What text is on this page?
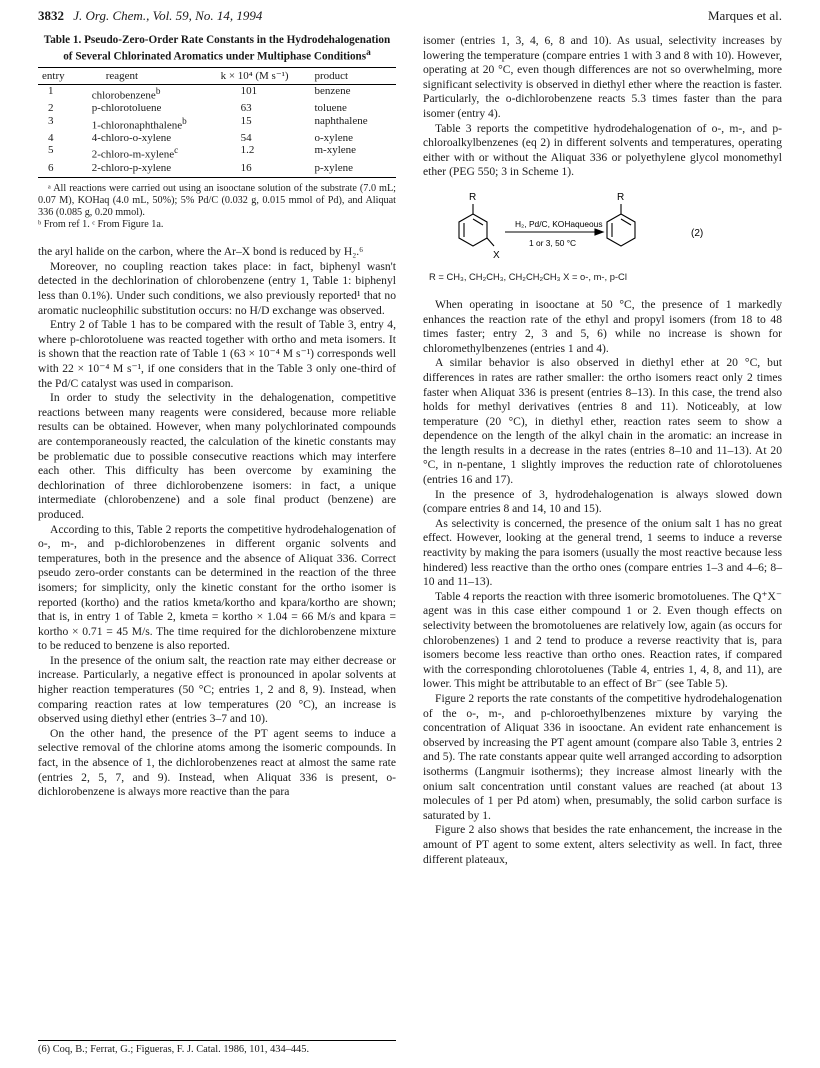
3832 J. Org. Chem., Vol. 59, No. 14, 1994	Marques et al.
Table 1. Pseudo-Zero-Order Rate Constants in the Hydrodehalogenation of Several Chlorinated Aromatics under Multiphase Conditions$^a$
entry	reagent	k × 10⁴ (M s⁻¹)	product
1	chlorobenzene$^b$	101	benzene
2	p-chlorotoluene	63	toluene
3	1-chloronaphthalene$^b$	15	naphthalene
4	4-chloro-o-xylene	54	o-xylene
5	2-chloro-m-xylene$^c$	1.2	m-xylene
6	2-chloro-p-xylene	16	p-xylene
ᵃ All reactions were carried out using an isooctane solution of the substrate (7.0 mL; 0.07 M), KOHaq (4.0 mL, 50%); 5% Pd/C (0.032 g, 0.015 mmol of Pd), and Aliquat 336 (0.085 g, 0.20 mmol).
ᵇ From ref 1. ᶜ From Figure 1a.

the aryl halide on the carbon, where the Ar–X bond is reduced by H₂.⁶

Moreover, no coupling reaction takes place: in fact, biphenyl wasn't detected in the dechlorination of chlorobenzene (entry 1, Table 1: biphenyl less than 0.1%). Under such conditions, we also previously reported¹ that no aromatic nucleophilic substitution occurs: no H/D exchange was observed.

Entry 2 of Table 1 has to be compared with the result of Table 3, entry 4, where p-chlorotoluene was reacted together with ortho and meta isomers. It is shown that the reaction rate of Table 1 (63 × 10⁻⁴ M s⁻¹) corresponds well with 22 × 10⁻⁴ M s⁻¹, if one considers that in the Table 3 only one-third of the Pd/C catalyst was used in comparison.

In order to study the selectivity in the dehalogenation, competitive reactions between many reagents were considered, because more reliable results can be obtained. However, when many polychlorinated compounds are contemporaneously reacted, the calculation of the kinetic constants may be problematic due to possible consecutive reactions which may interfere each other. This difficulty has been overcome by examining the dechlorination of three dichlorobenzene isomers: in fact, a unique intermediate (chlorobenzene) and a sole final product (benzene) are produced.

According to this, Table 2 reports the competitive hydrodehalogenation of o-, m-, and p-dichlorobenzenes in different organic solvents and temperatures, both in the presence and the absence of Aliquat 336. Correct pseudo zero-order constants can be determined in the reaction of the three isomers; for simplicity, only the kinetic constant for the ortho isomer is reported (kortho) and the ratios kmeta/kortho and kpara/kortho are shown; that is, in entry 1 of Table 2, kmeta = kortho × 1.04 = 66 M/s and kpara = kortho × 0.71 = 45 M/s. The time required for the dichlorobenzene mixture to be reduced to benzene is also reported.

In the presence of the onium salt, the reaction rate may either decrease or increase. Particularly, a negative effect is pronounced in apolar solvents at higher reaction temperatures (50 °C; entries 1, 2 and 8, 9). Instead, when comparing reaction rates at low temperatures (20 °C), an increase is observed using diethyl ether (entries 3–7 and 10).

On the other hand, the presence of the PT agent seems to induce a selective removal of the chlorine atoms among the isomeric compounds. In fact, in the absence of 1, the dichlorobenzenes react at almost the same rate (entries 2, 5, 7, and 9). Instead, when Aliquat 336 is present, o-dichlorobenzene is always more reactive than the para

(6) Coq, B.; Ferrat, G.; Figueras, F. J. Catal. 1986, 101, 434–445.

isomer (entries 1, 3, 4, 6, 8 and 10). As usual, selectivity increases by lowering the temperature (compare entries 1 with 3 and 8 with 10). However, operating at 20 °C, even though differences are not so overwhelming, more significant selectivity is observed in diethyl ether where the reaction is faster. Particularly, the o-dichlorobenzene reacts 5.3 times faster than the para isomer (entry 4).

Table 3 reports the competitive hydrodehalogenation of o-, m-, and p-chloroalkylbenzenes (eq 2) in different solvents and temperatures, operating either with or without the Aliquat 336 or polyethylene glycol monomethyl ether (PEG 550; 3 in Scheme 1).

R	R
X
H₂, Pd/C, KOHaqueous
1 or 3, 50 °C
(2)
R = CH₃, CH₂CH₃, CH₂CH₂CH₃ X = o-, m-, p-Cl

When operating in isooctane at 50 °C, the presence of 1 markedly enhances the reaction rate of the ethyl and propyl isomers (from 18 to 48 times faster; entry 2, 3 and 5, 6) while no increase is shown for chloromethylbenzenes (entries 1 and 4).

A similar behavior is also observed in diethyl ether at 20 °C, but differences in rates are rather smaller: the ortho isomers react only 2 times faster when Aliquat 336 is present (entries 8–13). In this case, the trend also holds for methyl derivatives (entries 8 and 11). Noticeably, at low temperature (20 °C), in diethyl ether, reaction rates seem to show a dependence on the length of the alkyl chain in the aromatic: an increase in the length results in a decrease in the rates (entries 8–10 and 11–13). At 20 °C, in n-pentane, 1 slightly improves the reduction rate of chlorotoluenes (entries 16 and 17).

In the presence of 3, hydrodehalogenation is always slowed down (compare entries 8 and 14, 10 and 15).

As selectivity is concerned, the presence of the onium salt 1 has no great effect. However, looking at the general trend, 1 seems to induce a reverse reactivity by making the para isomers (usually the most reactive because less hindered) less reactive than the ortho ones (compare entries 1–3 and 4–6; 8–10 and 11–13).

Table 4 reports the reaction with three isomeric bromotoluenes. The Q⁺X⁻ agent was in this case either compound 1 or 2. Even though effects on selectivity between the bromotoluenes are relatively low, again (as occurs for chlorobenzenes) 1 and 2 tend to produce a reverse reactivity that is, para isomers become less reactive than ortho ones. Reaction rates, if compared with the corresponding chlorotoluenes (Table 4, entries 1, 4, 8, and 11), are lower. This might be attributable to an effect of Br⁻ (see Table 5).

Figure 2 reports the rate constants of the competitive hydrodehalogenation of the o-, m-, and p-chloroethylbenzenes mixture by varying the concentration of Aliquat 336 in isooctane. An evident rate enhancement is observed by increasing the PT agent amount (compare also Table 3, entries 2 and 5). The rate constants appear quite well arranged according to adsorption isotherms (Langmuir isotherms); they increase almost linearly with the onium salt concentration until constant values are reached (at about 13 molecules of 1 per Pd atom) when, presumably, the solid carbon surface is saturated by 1.

Figure 2 also shows that besides the rate enhancement, the increase in the amount of PT agent to some extent, alters selectivity as well. In fact, three different plateaux,
